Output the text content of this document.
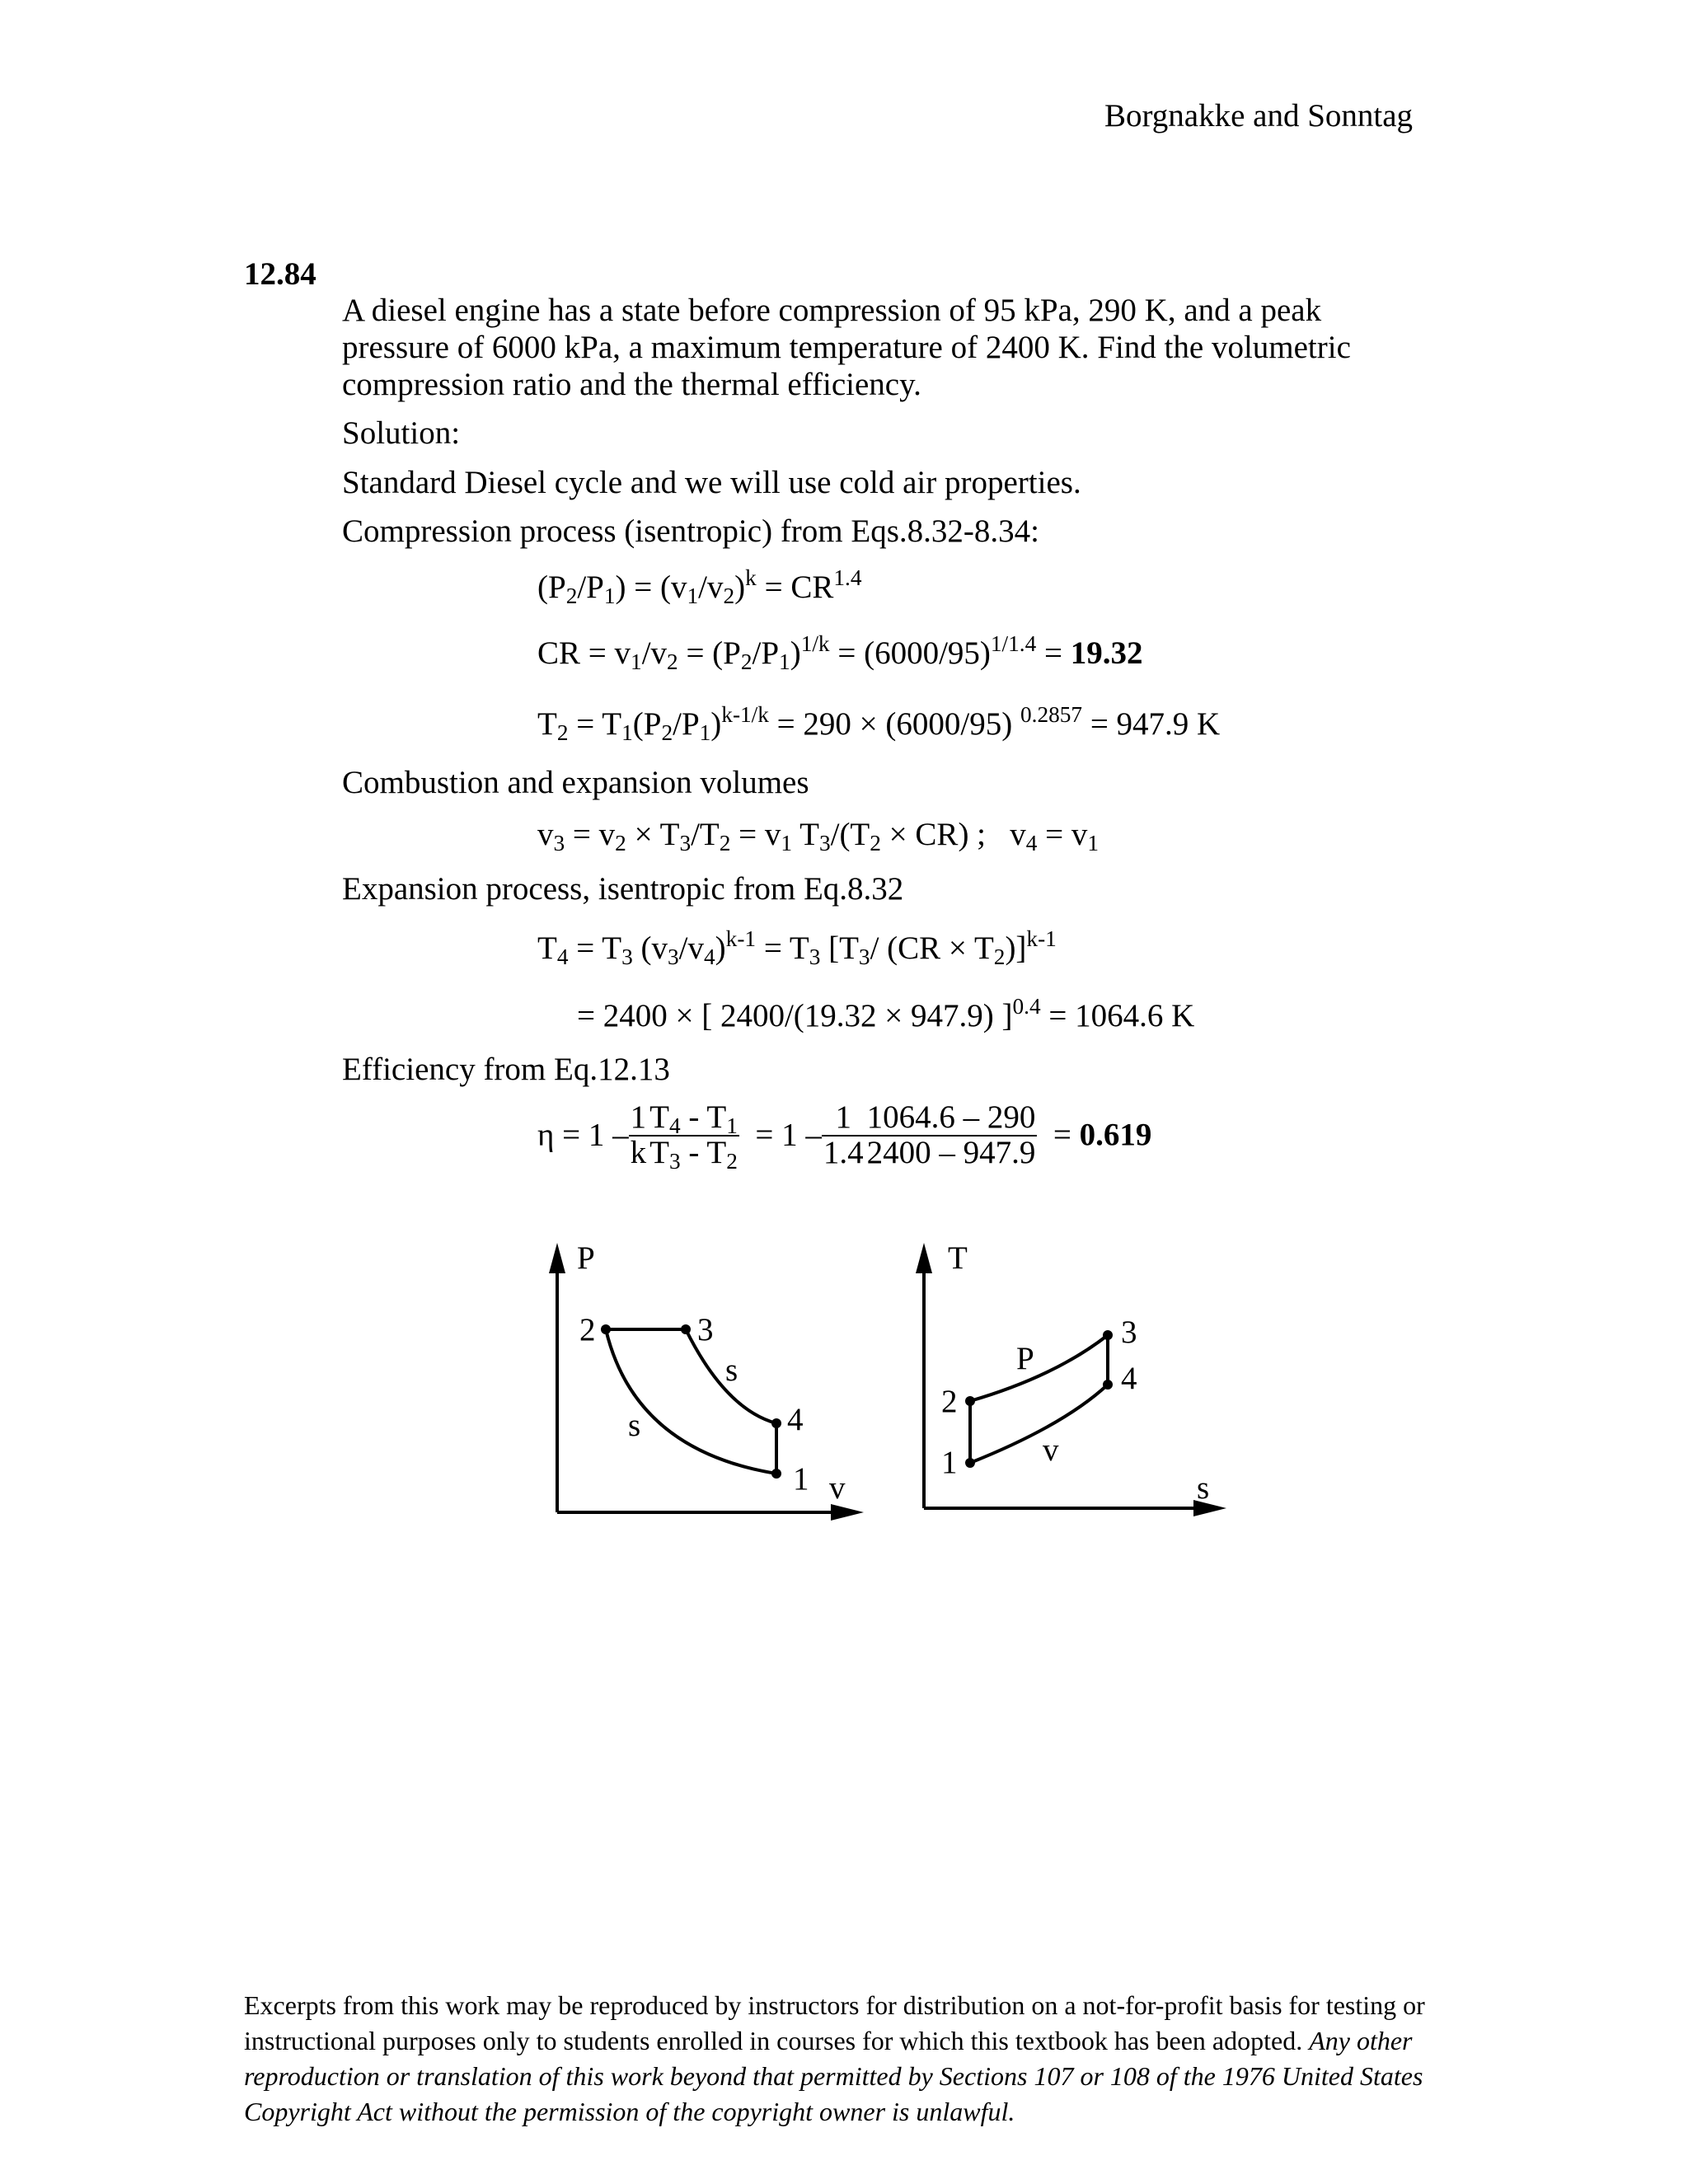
Borgnakke and Sonntag
12.84
A diesel engine has a state before compression of 95 kPa, 290 K, and a peak
pressure of 6000 kPa, a maximum temperature of 2400 K. Find the volumetric
compression ratio and the thermal efficiency.
Solution:
Standard Diesel cycle and we will use cold air properties.
Compression process (isentropic) from Eqs.8.32-8.34:
$(P_2/P_1) = (v_1/v_2)^k = CR^{1.4}$
CR = $v_1/v_2 = (P_2/P_1)^{1/k} = (6000/95)^{1/1.4} = 19.32$
$T_2 = T_1(P_2/P_1)^{k-1/k} = 290 \times (6000/95) ^{0.2857} = 947.9$ K
Combustion and expansion volumes
$v_3 = v_2 \times T_3/T_2 = v_1$ $T_3/(T_2 \times CR)$ ;   $v_4 = v_1$
Expansion process, isentropic from Eq.8.32
$T_4 = T_3$ $(v_3/v_4)^{k-1} = T_3$ [$T_3/$ $(CR \times T_2)]^{k-1}$
= 2400 × [ 2400/(19.32 × 947.9) ]$^{0.4}$ = 1064.6 K
Efficiency from Eq.12.13
$\eta = 1 - \frac{1}{k} \frac{T_4 - T_1}{T_3 - T_2} = 1 - \frac{1}{1.4} \frac{1064.6 - 290}{2400 - 947.9} = 0.619$
P
v
2	3
4
1
s
s
T
s
2
1
3
4
P
v
Excerpts from this work may be reproduced by instructors for distribution on a not-for-profit basis for testing or instructional purposes only to students enrolled in courses for which this textbook has been adopted. Any other reproduction or translation of this work beyond that permitted by Sections 107 or 108 of the 1976 United States Copyright Act without the permission of the copyright owner is unlawful.
